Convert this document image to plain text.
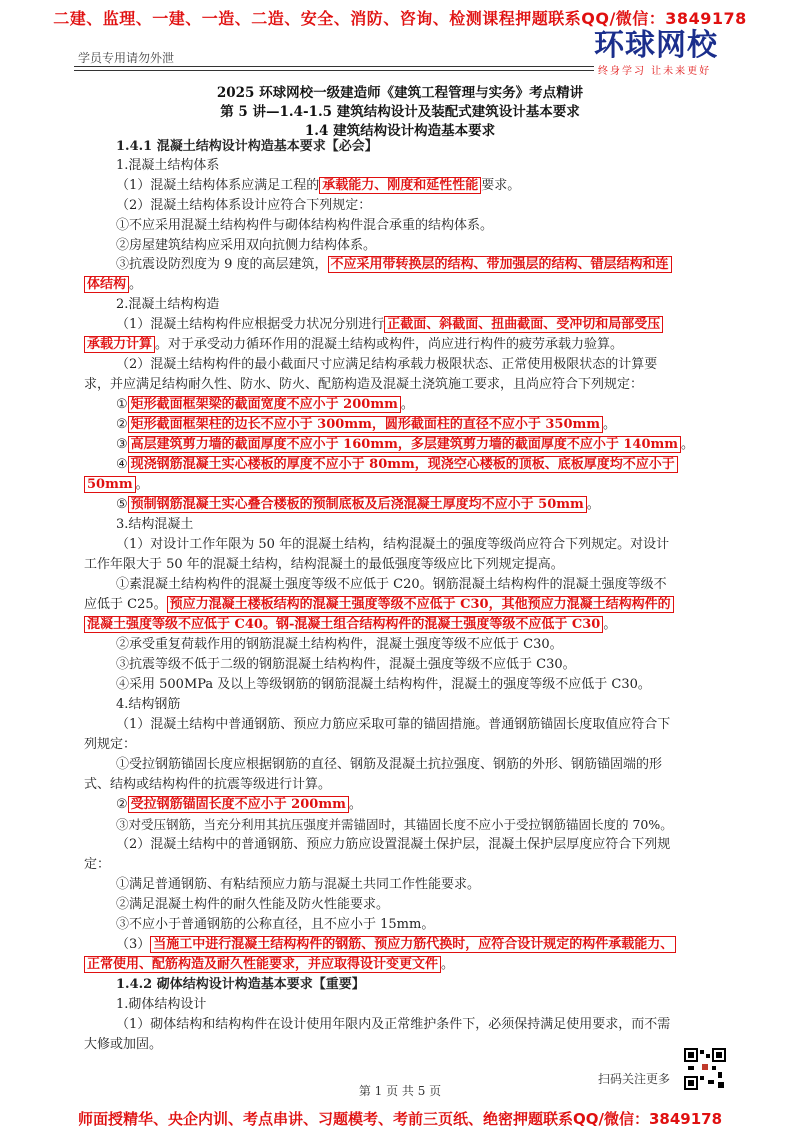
二建、监理、一建、一造、二造、安全、消防、咨询、检测课程押题联系QQ/微信：3849178
学员专用请勿外泄	环球网校
终身学习 让未来更好
2025 环球网校一级建造师《建筑工程管理与实务》考点精讲
第 5 讲—1.4-1.5 建筑结构设计及装配式建筑设计基本要求
1.4 建筑结构设计构造基本要求
1.4.1 混凝土结构设计构造基本要求【必会】
1.混凝土结构体系
（1）混凝土结构体系应满足工程的 承载能力、刚度和延性性能 要求。
（2）混凝土结构体系设计应符合下列规定：
①不应采用混凝土结构构件与砌体结构构件混合承重的结构体系。
②房屋建筑结构应采用双向抗侧力结构体系。
③抗震设防烈度为 9 度的高层建筑， 不应采用带转换层的结构、带加强层的结构、错层结构和连
体结构 。
2.混凝土结构构造
（1）混凝土结构构件应根据受力状况分别进行 正截面、斜截面、扭曲截面、受冲切和局部受压
承载力计算 。对于承受动力循环作用的混凝土结构或构件，尚应进行构件的疲劳承载力验算。
（2）混凝土结构构件的最小截面尺寸应满足结构承载力极限状态、正常使用极限状态的计算要
求，并应满足结构耐久性、防水、防火、配筋构造及混凝土浇筑施工要求，且尚应符合下列规定：
① 矩形截面框架梁的截面宽度不应小于 200mm 。
② 矩形截面框架柱的边长不应小于 300mm，圆形截面柱的直径不应小于 350mm 。
③ 高层建筑剪力墙的截面厚度不应小于 160mm，多层建筑剪力墙的截面厚度不应小于 140mm 。
④ 现浇钢筋混凝土实心楼板的厚度不应小于 80mm，现浇空心楼板的顶板、底板厚度均不应小于
50mm 。
⑤ 预制钢筋混凝土实心叠合楼板的预制底板及后浇混凝土厚度均不应小于 50mm 。
3.结构混凝土
（1）对设计工作年限为 50 年的混凝土结构，结构混凝土的强度等级尚应符合下列规定。对设计
工作年限大于 50 年的混凝土结构，结构混凝土的最低强度等级应比下列规定提高。
①素混凝土结构构件的混凝土强度等级不应低于 C20。钢筋混凝土结构构件的混凝土强度等级不
应低于 C25。 预应力混凝土楼板结构的混凝土强度等级不应低于 C30，其他预应力混凝土结构构件的
混凝土强度等级不应低于 C40。钢-混凝土组合结构构件的混凝土强度等级不应低于 C30 。
②承受重复荷载作用的钢筋混凝土结构构件，混凝土强度等级不应低于 C30。
③抗震等级不低于二级的钢筋混凝土结构构件，混凝土强度等级不应低于 C30。
④采用 500MPa 及以上等级钢筋的钢筋混凝土结构构件，混凝土的强度等级不应低于 C30。
4.结构钢筋
（1）混凝土结构中普通钢筋、预应力筋应采取可靠的锚固措施。普通钢筋锚固长度取值应符合下
列规定：
①受拉钢筋锚固长度应根据钢筋的直径、钢筋及混凝土抗拉强度、钢筋的外形、钢筋锚固端的形
式、结构或结构构件的抗震等级进行计算。
② 受拉钢筋锚固长度不应小于 200mm 。
③对受压钢筋，当充分利用其抗压强度并需锚固时，其锚固长度不应小于受拉钢筋锚固长度的 70%。
（2）混凝土结构中的普通钢筋、预应力筋应设置混凝土保护层，混凝土保护层厚度应符合下列规
定：
①满足普通钢筋、有粘结预应力筋与混凝土共同工作性能要求。
②满足混凝土构件的耐久性能及防火性能要求。
③不应小于普通钢筋的公称直径，且不应小于 15mm。
（3） 当施工中进行混凝土结构构件的钢筋、预应力筋代换时，应符合设计规定的构件承载能力、
正常使用、配筋构造及耐久性能要求，并应取得设计变更文件 。
1.4.2 砌体结构设计构造基本要求【重要】
1.砌体结构设计
（1）砌体结构和结构构件在设计使用年限内及正常维护条件下，必须保持满足使用要求，而不需
大修或加固。
扫码关注更多
第 1 页 共 5 页
师面授精华、央企内训、考点串讲、习题模考、考前三页纸、绝密押题联系QQ/微信：3849178
